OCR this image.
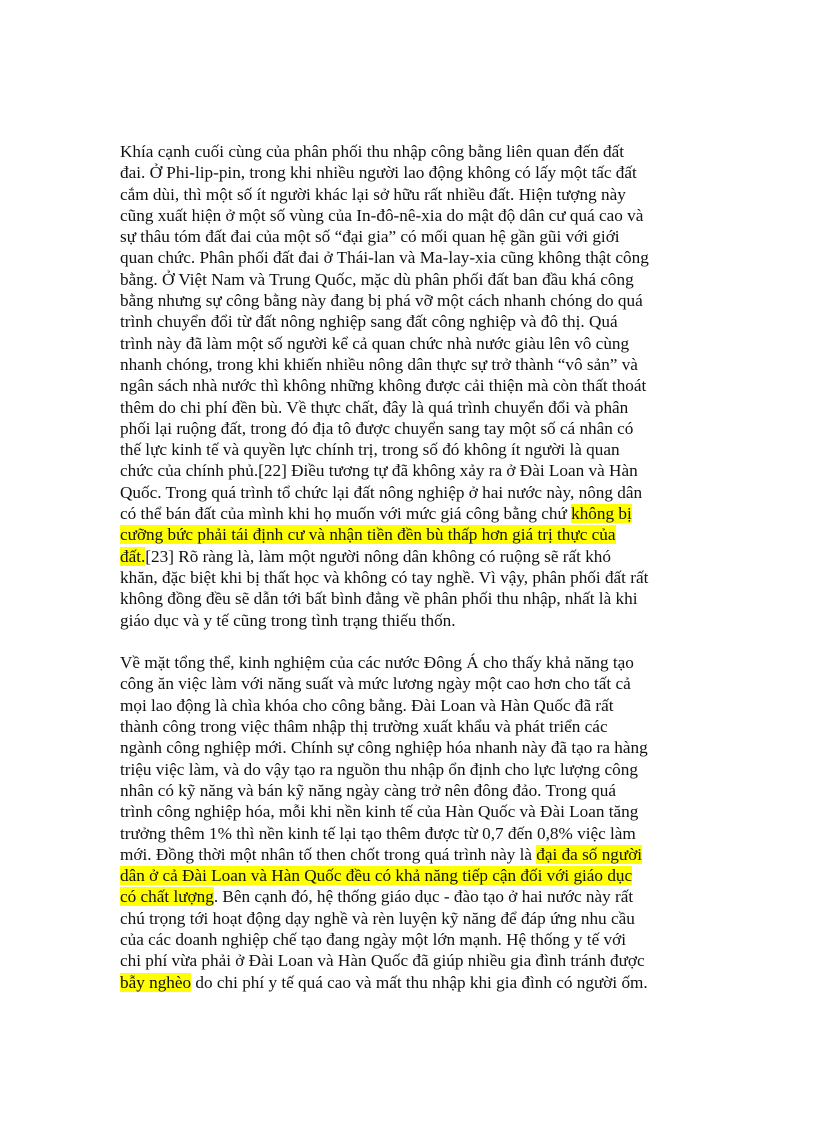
Khía cạnh cuối cùng của phân phối thu nhập công bằng liên quan đến đất
đai. Ở Phi-lip-pin, trong khi nhiều người lao động không có lấy một tấc đất
cắm dùi, thì một số ít người khác lại sở hữu rất nhiều đất. Hiện tượng này
cũng xuất hiện ở một số vùng của In-đô-nê-xia do mật độ dân cư quá cao và
sự thâu tóm đất đai của một số “đại gia” có mối quan hệ gần gũi với giới
quan chức. Phân phối đất đai ở Thái-lan và Ma-lay-xia cũng không thật công
bằng. Ở Việt Nam và Trung Quốc, mặc dù phân phối đất ban đầu khá công
bằng nhưng sự công bằng này đang bị phá vỡ một cách nhanh chóng do quá
trình chuyển đổi từ đất nông nghiệp sang đất công nghiệp và đô thị. Quá
trình này đã làm một số người kể cả quan chức nhà nước giàu lên vô cùng
nhanh chóng, trong khi khiến nhiều nông dân thực sự trở thành “vô sản” và
ngân sách nhà nước thì không những không được cải thiện mà còn thất thoát
thêm do chi phí đền bù. Về thực chất, đây là quá trình chuyển đổi và phân
phối lại ruộng đất, trong đó địa tô được chuyển sang tay một số cá nhân có
thế lực kinh tế và quyền lực chính trị, trong số đó không ít người là quan
chức của chính phủ.[22] Điều tương tự đã không xảy ra ở Đài Loan và Hàn
Quốc. Trong quá trình tổ chức lại đất nông nghiệp ở hai nước này, nông dân
có thể bán đất của mình khi họ muốn với mức giá công bằng chứ không bị
cưỡng bức phải tái định cư và nhận tiền đền bù thấp hơn giá trị thực của
đất.[23] Rõ ràng là, làm một người nông dân không có ruộng sẽ rất khó
khăn, đặc biệt khi bị thất học và không có tay nghề. Vì vậy, phân phối đất rất
không đồng đều sẽ dẫn tới bất bình đẳng về phân phối thu nhập, nhất là khi
giáo dục và y tế cũng trong tình trạng thiếu thốn.

Về mặt tổng thể, kinh nghiệm của các nước Đông Á cho thấy khả năng tạo
công ăn việc làm với năng suất và mức lương ngày một cao hơn cho tất cả
mọi lao động là chìa khóa cho công bằng. Đài Loan và Hàn Quốc đã rất
thành công trong việc thâm nhập thị trường xuất khẩu và phát triển các
ngành công nghiệp mới. Chính sự công nghiệp hóa nhanh này đã tạo ra hàng
triệu việc làm, và do vậy tạo ra nguồn thu nhập ổn định cho lực lượng công
nhân có kỹ năng và bán kỹ năng ngày càng trở nên đông đảo. Trong quá
trình công nghiệp hóa, mỗi khi nền kinh tế của Hàn Quốc và Đài Loan tăng
trưởng thêm 1% thì nền kinh tế lại tạo thêm được từ 0,7 đến 0,8% việc làm
mới. Đồng thời một nhân tố then chốt trong quá trình này là đại đa số người
dân ở cả Đài Loan và Hàn Quốc đều có khả năng tiếp cận đối với giáo dục
có chất lượng. Bên cạnh đó, hệ thống giáo dục - đào tạo ở hai nước này rất
chú trọng tới hoạt động dạy nghề và rèn luyện kỹ năng để đáp ứng nhu cầu
của các doanh nghiệp chế tạo đang ngày một lớn mạnh. Hệ thống y tế với
chi phí vừa phải ở Đài Loan và Hàn Quốc đã giúp nhiều gia đình tránh được
bẫy nghèo do chi phí y tế quá cao và mất thu nhập khi gia đình có người ốm.
